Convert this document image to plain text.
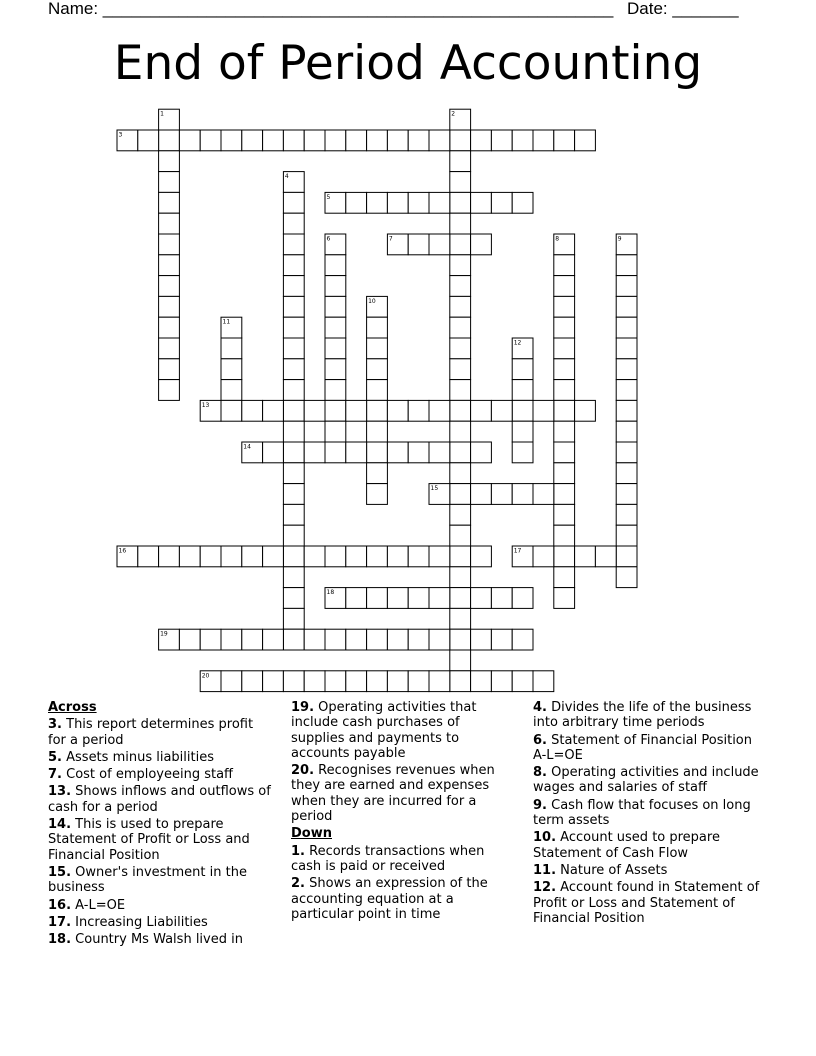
Name: ______________________________________________________ Date: _______
End of Period Accounting
1	2
3
4
5
6	7	8	9
10
11
12
13
14
15
16	17
18
19
20
Across
3. This report determines profit for a period
5. Assets minus liabilities
7. Cost of employeeing staff
13. Shows inflows and outflows of cash for a period
14. This is used to prepare Statement of Profit or Loss and Financial Position
15. Owner's investment in the business
16. A-L=OE
17. Increasing Liabilities
18. Country Ms Walsh lived in
19. Operating activities that include cash purchases of supplies and payments to accounts payable
20. Recognises revenues when they are earned and expenses when they are incurred for a period
Down
1. Records transactions when cash is paid or received
2. Shows an expression of the accounting equation at a particular point in time
4. Divides the life of the business into arbitrary time periods
6. Statement of Financial Position A-L=OE
8. Operating activities and include wages and salaries of staff
9. Cash flow that focuses on long term assets
10. Account used to prepare Statement of Cash Flow
11. Nature of Assets
12. Account found in Statement of Profit or Loss and Statement of Financial Position
